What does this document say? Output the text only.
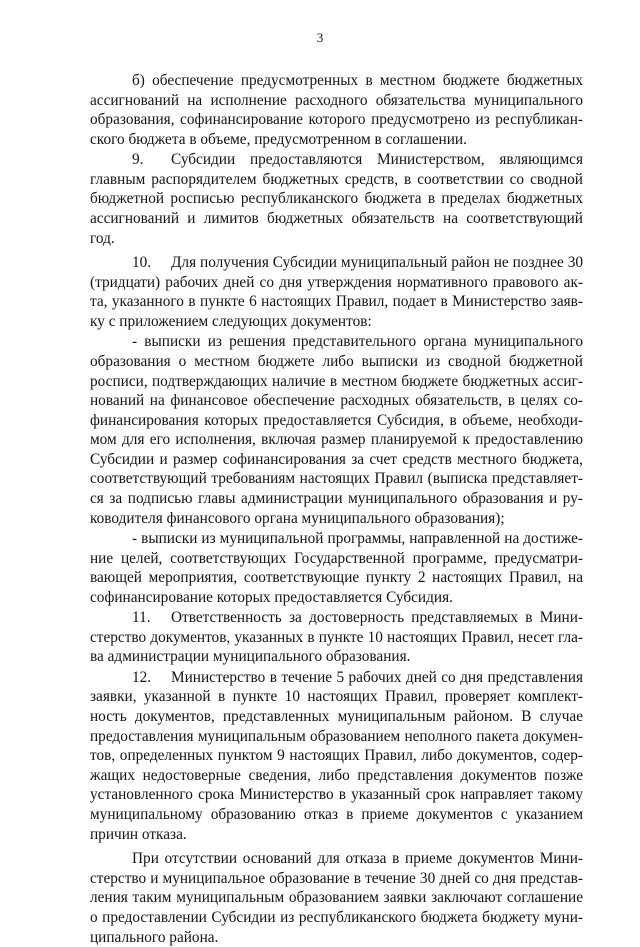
3

б) обеспечение предусмотренных в местном бюджете бюджетных ассигнований на исполнение расходного обязательства муниципального образования, софинансирование которого предусмотрено из республиканского бюджета в объеме, предусмотренном в соглашении.

9. Субсидии предоставляются Министерством, являющимся главным распорядителем бюджетных средств, в соответствии со сводной бюджетной росписью республиканского бюджета в пределах бюджетных ассигнований и лимитов бюджетных обязательств на соответствующий год.

10. Для получения Субсидии муниципальный район не позднее 30 (тридцати) рабочих дней со дня утверждения нормативного правового акта, указанного в пункте 6 настоящих Правил, подает в Министерство заявку с приложением следующих документов:

- выписки из решения представительного органа муниципального образования о местном бюджете либо выписки из сводной бюджетной росписи, подтверждающих наличие в местном бюджете бюджетных ассигнований на финансовое обеспечение расходных обязательств, в целях софинансирования которых предоставляется Субсидия, в объеме, необходимом для его исполнения, включая размер планируемой к предоставлению Субсидии и размер софинансирования за счет средств местного бюджета, соответствующий требованиям настоящих Правил (выписка представляется за подписью главы администрации муниципального образования и руководителя финансового органа муниципального образования);

- выписки из муниципальной программы, направленной на достижение целей, соответствующих Государственной программе, предусматривающей мероприятия, соответствующие пункту 2 настоящих Правил, на софинансирование которых предоставляется Субсидия.

11. Ответственность за достоверность представляемых в Министерство документов, указанных в пункте 10 настоящих Правил, несет глава администрации муниципального образования.

12. Министерство в течение 5 рабочих дней со дня представления заявки, указанной в пункте 10 настоящих Правил, проверяет комплектность документов, представленных муниципальным районом. В случае предоставления муниципальным образованием неполного пакета документов, определенных пунктом 9 настоящих Правил, либо документов, содержащих недостоверные сведения, либо представления документов позже установленного срока Министерство в указанный срок направляет такому муниципальному образованию отказ в приеме документов с указанием причин отказа.

При отсутствии оснований для отказа в приеме документов Министерство и муниципальное образование в течение 30 дней со дня представления таким муниципальным образованием заявки заключают соглашение о предоставлении Субсидии из республиканского бюджета бюджету муниципального района.
